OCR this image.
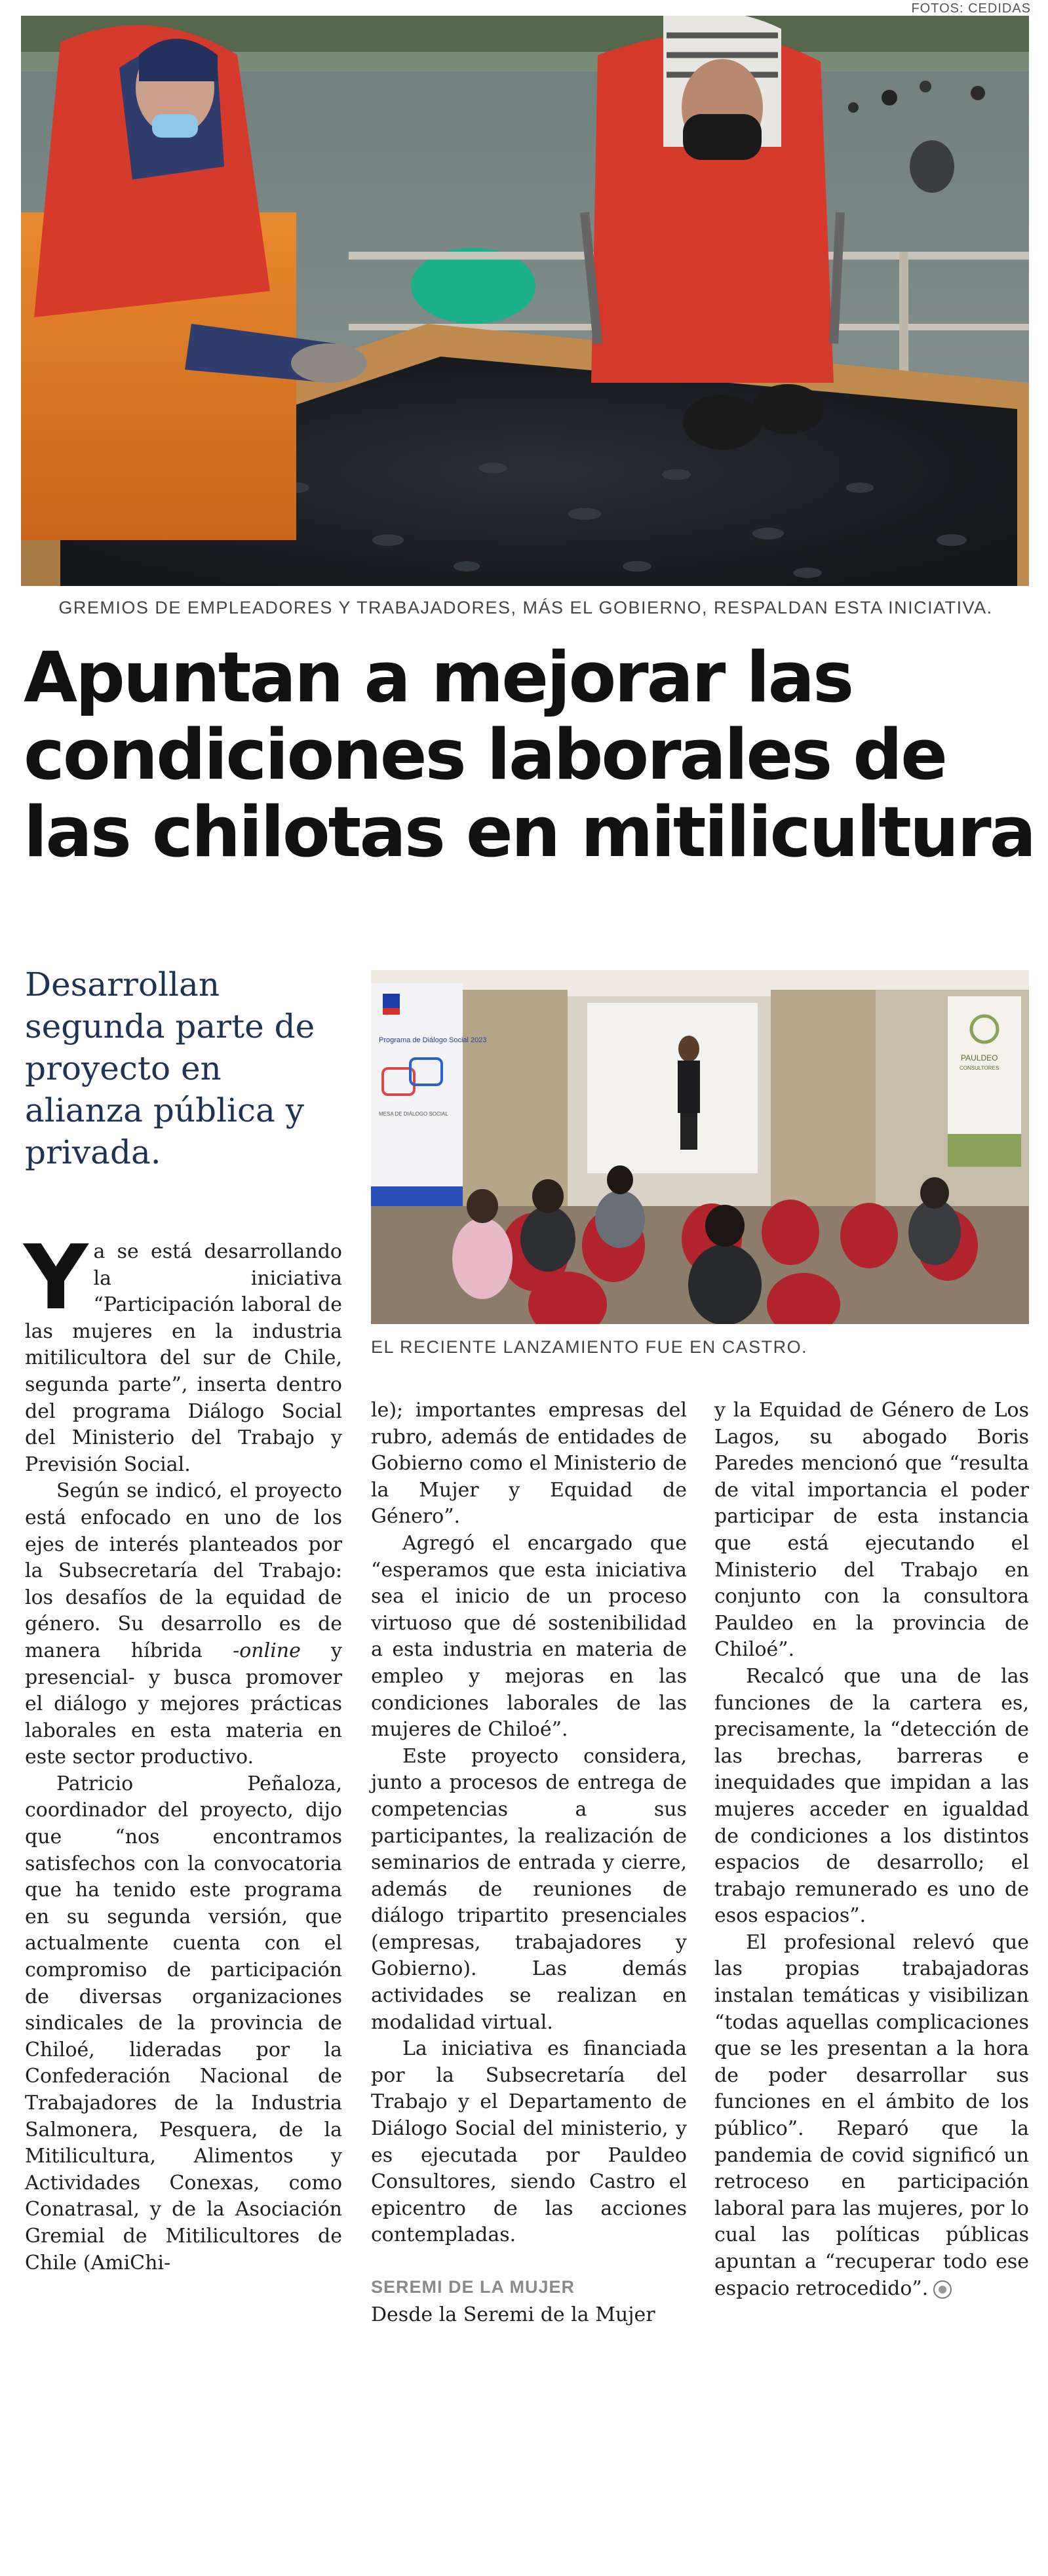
FOTOS: CEDIDAS
GREMIOS DE EMPLEADORES Y TRABAJADORES, MÁS EL GOBIERNO, RESPALDAN ESTA INICIATIVA.
Apuntan a mejorar las
condiciones laborales de
las chilotas en mitilicultura
Desarrollan segunda parte de proyecto en alianza pública y privada.
Programa de Diálogo Social 2023
MESA DE DIÁLOGO SOCIAL
PAULDEO
CONSULTORES
EL RECIENTE LANZAMIENTO FUE EN CASTRO.

Ya se está desarrollando la iniciativa “Participación laboral de las mujeres en la industria mitilicultora del sur de Chile, segunda parte”, inserta dentro del programa Diálogo Social del Ministerio del Trabajo y Previsión Social.

Según se indicó, el proyecto está enfocado en uno de los ejes de interés planteados por la Subsecretaría del Trabajo: los desafíos de la equidad de género. Su desarrollo es de manera híbrida -online y presencial- y busca promover el diálogo y mejores prácticas laborales en esta materia en este sector productivo.

Patricio Peñaloza, coordinador del proyecto, dijo que “nos encontramos satisfechos con la convocatoria que ha tenido este programa en su segunda versión, que actualmente cuenta con el compromiso de participación de diversas organizaciones sindicales de la provincia de Chiloé, lideradas por la Confederación Nacional de Trabajadores de la Industria Salmonera, Pesquera, de la Mitilicultura, Alimentos y Actividades Conexas, como Conatrasal, y de la Asociación Gremial de Mitilicultores de Chile (AmiChi-

le); importantes empresas del rubro, además de entidades de Gobierno como el Ministerio de la Mujer y Equidad de Género”.

Agregó el encargado que “esperamos que esta iniciativa sea el inicio de un proceso virtuoso que dé sostenibilidad a esta industria en materia de empleo y mejoras en las condiciones laborales de las mujeres de Chiloé”.

Este proyecto considera, junto a procesos de entrega de competencias a sus participantes, la realización de seminarios de entrada y cierre, además de reuniones de diálogo tripartito presenciales (empresas, trabajadores y Gobierno). Las demás actividades se realizan en modalidad virtual.

La iniciativa es financiada por la Subsecretaría del Trabajo y el Departamento de Diálogo Social del ministerio, y es ejecutada por Pauldeo Consultores, siendo Castro el epicentro de las acciones contempladas.

SEREMI DE LA MUJER

Desde la Seremi de la Mujer

y la Equidad de Género de Los Lagos, su abogado Boris Paredes mencionó que “resulta de vital importancia el poder participar de esta instancia que está ejecutando el Ministerio del Trabajo en conjunto con la consultora Pauldeo en la provincia de Chiloé”.

Recalcó que una de las funciones de la cartera es, precisamente, la “detección de las brechas, barreras e inequidades que impidan a las mujeres acceder en igualdad de condiciones a los distintos espacios de desarrollo; el trabajo remunerado es uno de esos espacios”.

El profesional relevó que las propias trabajadoras instalan temáticas y visibilizan “todas aquellas complicaciones que se les presentan a la hora de poder desarrollar sus funciones en el ámbito de los público”. Reparó que la pandemia de covid significó un retroceso en participación laboral para las mujeres, por lo cual las políticas públicas apuntan a “recuperar todo ese espacio retrocedido”.
